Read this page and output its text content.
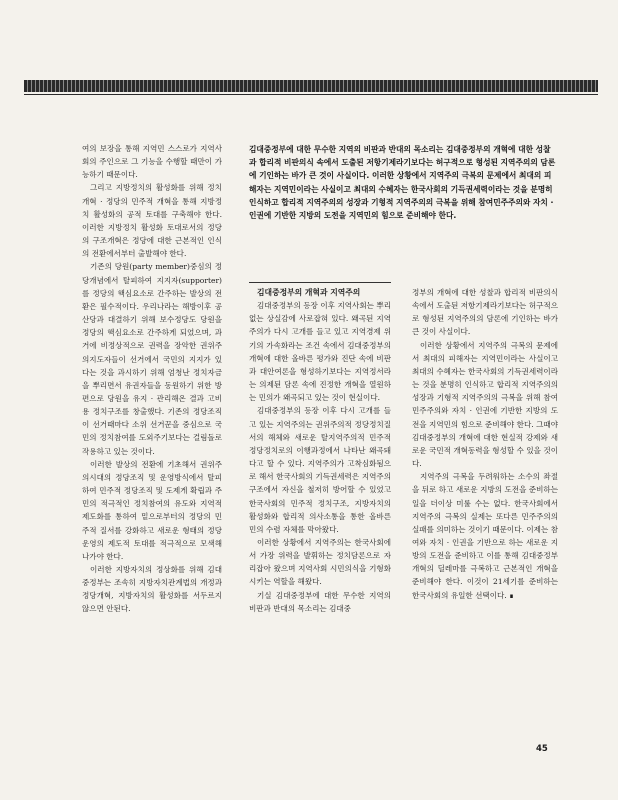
여의 보장을 통해 지역민 스스로가 지역사회의 주인으로 그 기능을 수행할 때만이 가능하기 때문이다.

그리고 지방정치의 활성화를 위해 정치개혁 · 정당의 민주적 개혁을 통해 지방정치 활성화의 공적 토대를 구축해야 한다. 이러한 지방정치 활성화 토대로서의 정당의 구조개혁은 정당에 대한 근본적인 인식의 전환에서부터 출발해야 한다.

기존의 당원(party member)중심의 정당개념에서 탈피하여 지지자(supporter)를 정당의 핵심요소로 간주하는 발상의 전환은 필수적이다. 우리나라는 해방이후 공산당과 대결하기 위해 보수정당도 당원을 정당의 핵심요소로 간주하게 되었으며, 과거에 비정상적으로 권력을 장악한 권위주의지도자들이 선거에서 국민의 지지가 있다는 것을 과시하기 위해 엄청난 정치자금을 뿌리면서 유권자들을 동원하기 위한 방편으로 당원을 유지 · 관리해온 결과 고비용 정치구조를 창출했다. 기존의 정당조직이 선거때마다 소위 선거꾼을 중심으로 국민의 정치참여를 도외주기보다는 걸림돌로 작용하고 있는 것이다.

이러한 발상의 전환에 기초해서 권위주의시대의 정당조직 및 운영방식에서 탈피하여 민주적 정당조직 및 도제게 확립과 주민의 적극적인 정치참여의 유도와 지역적 제도화를 통하여 밑으로부터의 정당의 민주적 질서를 강화하고 새로운 형태의 정당운영의 제도적 토대를 적극적으로 모색해 나가야 한다.

이러한 지방자치의 정상화를 위해 김대중정부는 조속히 지방자치관계법의 개정과 정당개혁, 지방자치의 활성화를 서두르지 않으면 안된다.

김대중정부에 대한 무수한 지역의 비판과 반대의 목소리는 김대중정부의 개혁에 대한 성찰과 합리적 비판의식 속에서 도출된 저항기제라기보다는 허구적으로 형성된 지역주의의 담론에 기인하는 바가 큰 것이 사실이다. 이러한 상황에서 지역주의 극복의 문제에서 최대의 피해자는 지역민이라는 사실이고 최대의 수혜자는 한국사회의 기득권세력이라는 것을 분명히 인식하고 합리적 지역주의의 성장과 기형적 지역주의의 극복을 위해 참여민주주의와 자치 · 인권에 기반한 지방의 도전을 지역민의 힘으로 준비해야 한다.

김대중정부의 개혁과 지역주의

김대중정부의 등장 이후 지역사회는 뿌리없는 상실감에 사로잡혀 있다. 왜곡된 지역주의가 다시 고개를 들고 있고 지역경제 위기의 가속화라는 조건 속에서 김대중정부의 개혁에 대한 올바른 평가와 진단 속에 비판과 대안여론을 형성하기보다는 지역정서라는 의제된 담론 속에 진정한 개혁을 열원하는 민의가 왜곡되고 있는 것이 현실이다.

김대중정부의 등장 이후 다시 고개를 들고 있는 지역주의는 권위주의적 정당정치질서의 해체와 새로운 탈지역주의적 민주적 정당정치로의 이행과정에서 나타난 왜곡돼다고 할 수 있다. 지역주의가 고착심화됨으로 해서 한국사회의 기득권세력은 지역주의 구조에서 자신을 철저히 방어할 수 있었고 한국사회의 민주적 정치구조, 지방자치의 활성화와 합리적 의사소통을 통한 올바른 민의 수렴 자체를 막아왔다.

이러한 상황에서 지역주의는 한국사회에서 가장 위력을 발휘하는 정치담론으로 자리잡아 왔으며 지역사회 시민의식을 기형화시키는 역할을 해왔다.

기실 김대중정부에 대한 무수한 지역의 비판과 반대의 목소리는 김대중

정부의 개혁에 대한 성찰과 합리적 비판의식 속에서 도출된 저항기제라기보다는 허구적으로 형성된 지역주의의 담론에 기인하는 바가 큰 것이 사실이다.

이러한 상황에서 지역주의 극복의 문제에서 최대의 피해자는 지역민이라는 사실이고 최대의 수혜자는 한국사회의 기득권세력이라는 것을 분명히 인식하고 합리적 지역주의의 성장과 기형적 지역주의의 극복을 위해 참여민주주의와 자치 · 인권에 기반한 지방의 도전을 지역민의 힘으로 준비해야 한다. 그때야 김대중정부의 개혁에 대한 현실적 강제와 새로운 국민적 개혁동력을 형성할 수 있을 것이다.

지역주의 극복을 두려워하는 소수의 좌절을 뒤로 하고 새로운 지방의 도전을 준비하는 일을 더이상 미룰 수는 없다. 한국사회에서 지역주의 극복의 실제는 또다른 민주주의의 실패를 의미하는 것이기 때문이다. 이제는 참여와 자치 · 인권을 기반으로 하는 새로운 지방의 도전을 준비하고 이를 통해 김대중정부 개혁의 딜레마를 극복하고 근본적인 개혁을 준비해야 한다. 이것이 21세기를 준비하는 한국사회의 유일한 선택이다. ∎

45
